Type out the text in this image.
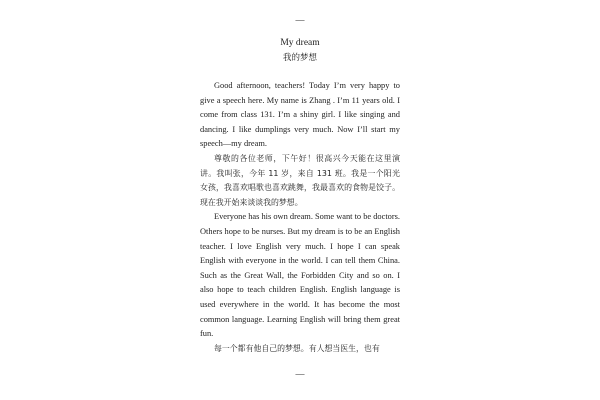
—
My dream
我的梦想

Good afternoon, teachers! Today I’m very happy to give a speech here. My name is Zhang . I’m 11 years old. I come from class 131. I’m a shiny girl. I like singing and dancing. I like dumplings very much. Now I’ll start my speech—my dream.

尊敬的各位老师，下午好！很高兴今天能在这里演讲。我叫张，今年 11 岁，来自 131 班。我是一个阳光女孩，我喜欢唱歌也喜欢跳舞，我最喜欢的食物是饺子。现在我开始来谈谈我的梦想。

Everyone has his own dream. Some want to be doctors. Others hope to be nurses. But my dream is to be an English teacher. I love English very much. I hope I can speak English with everyone in the world. I can tell them China. Such as the Great Wall, the Forbidden City and so on. I also hope to teach children English. English language is used everywhere in the world. It has become the most common language. Learning English will bring them great fun.

每一个都有他自己的梦想。有人想当医生，也有

—
